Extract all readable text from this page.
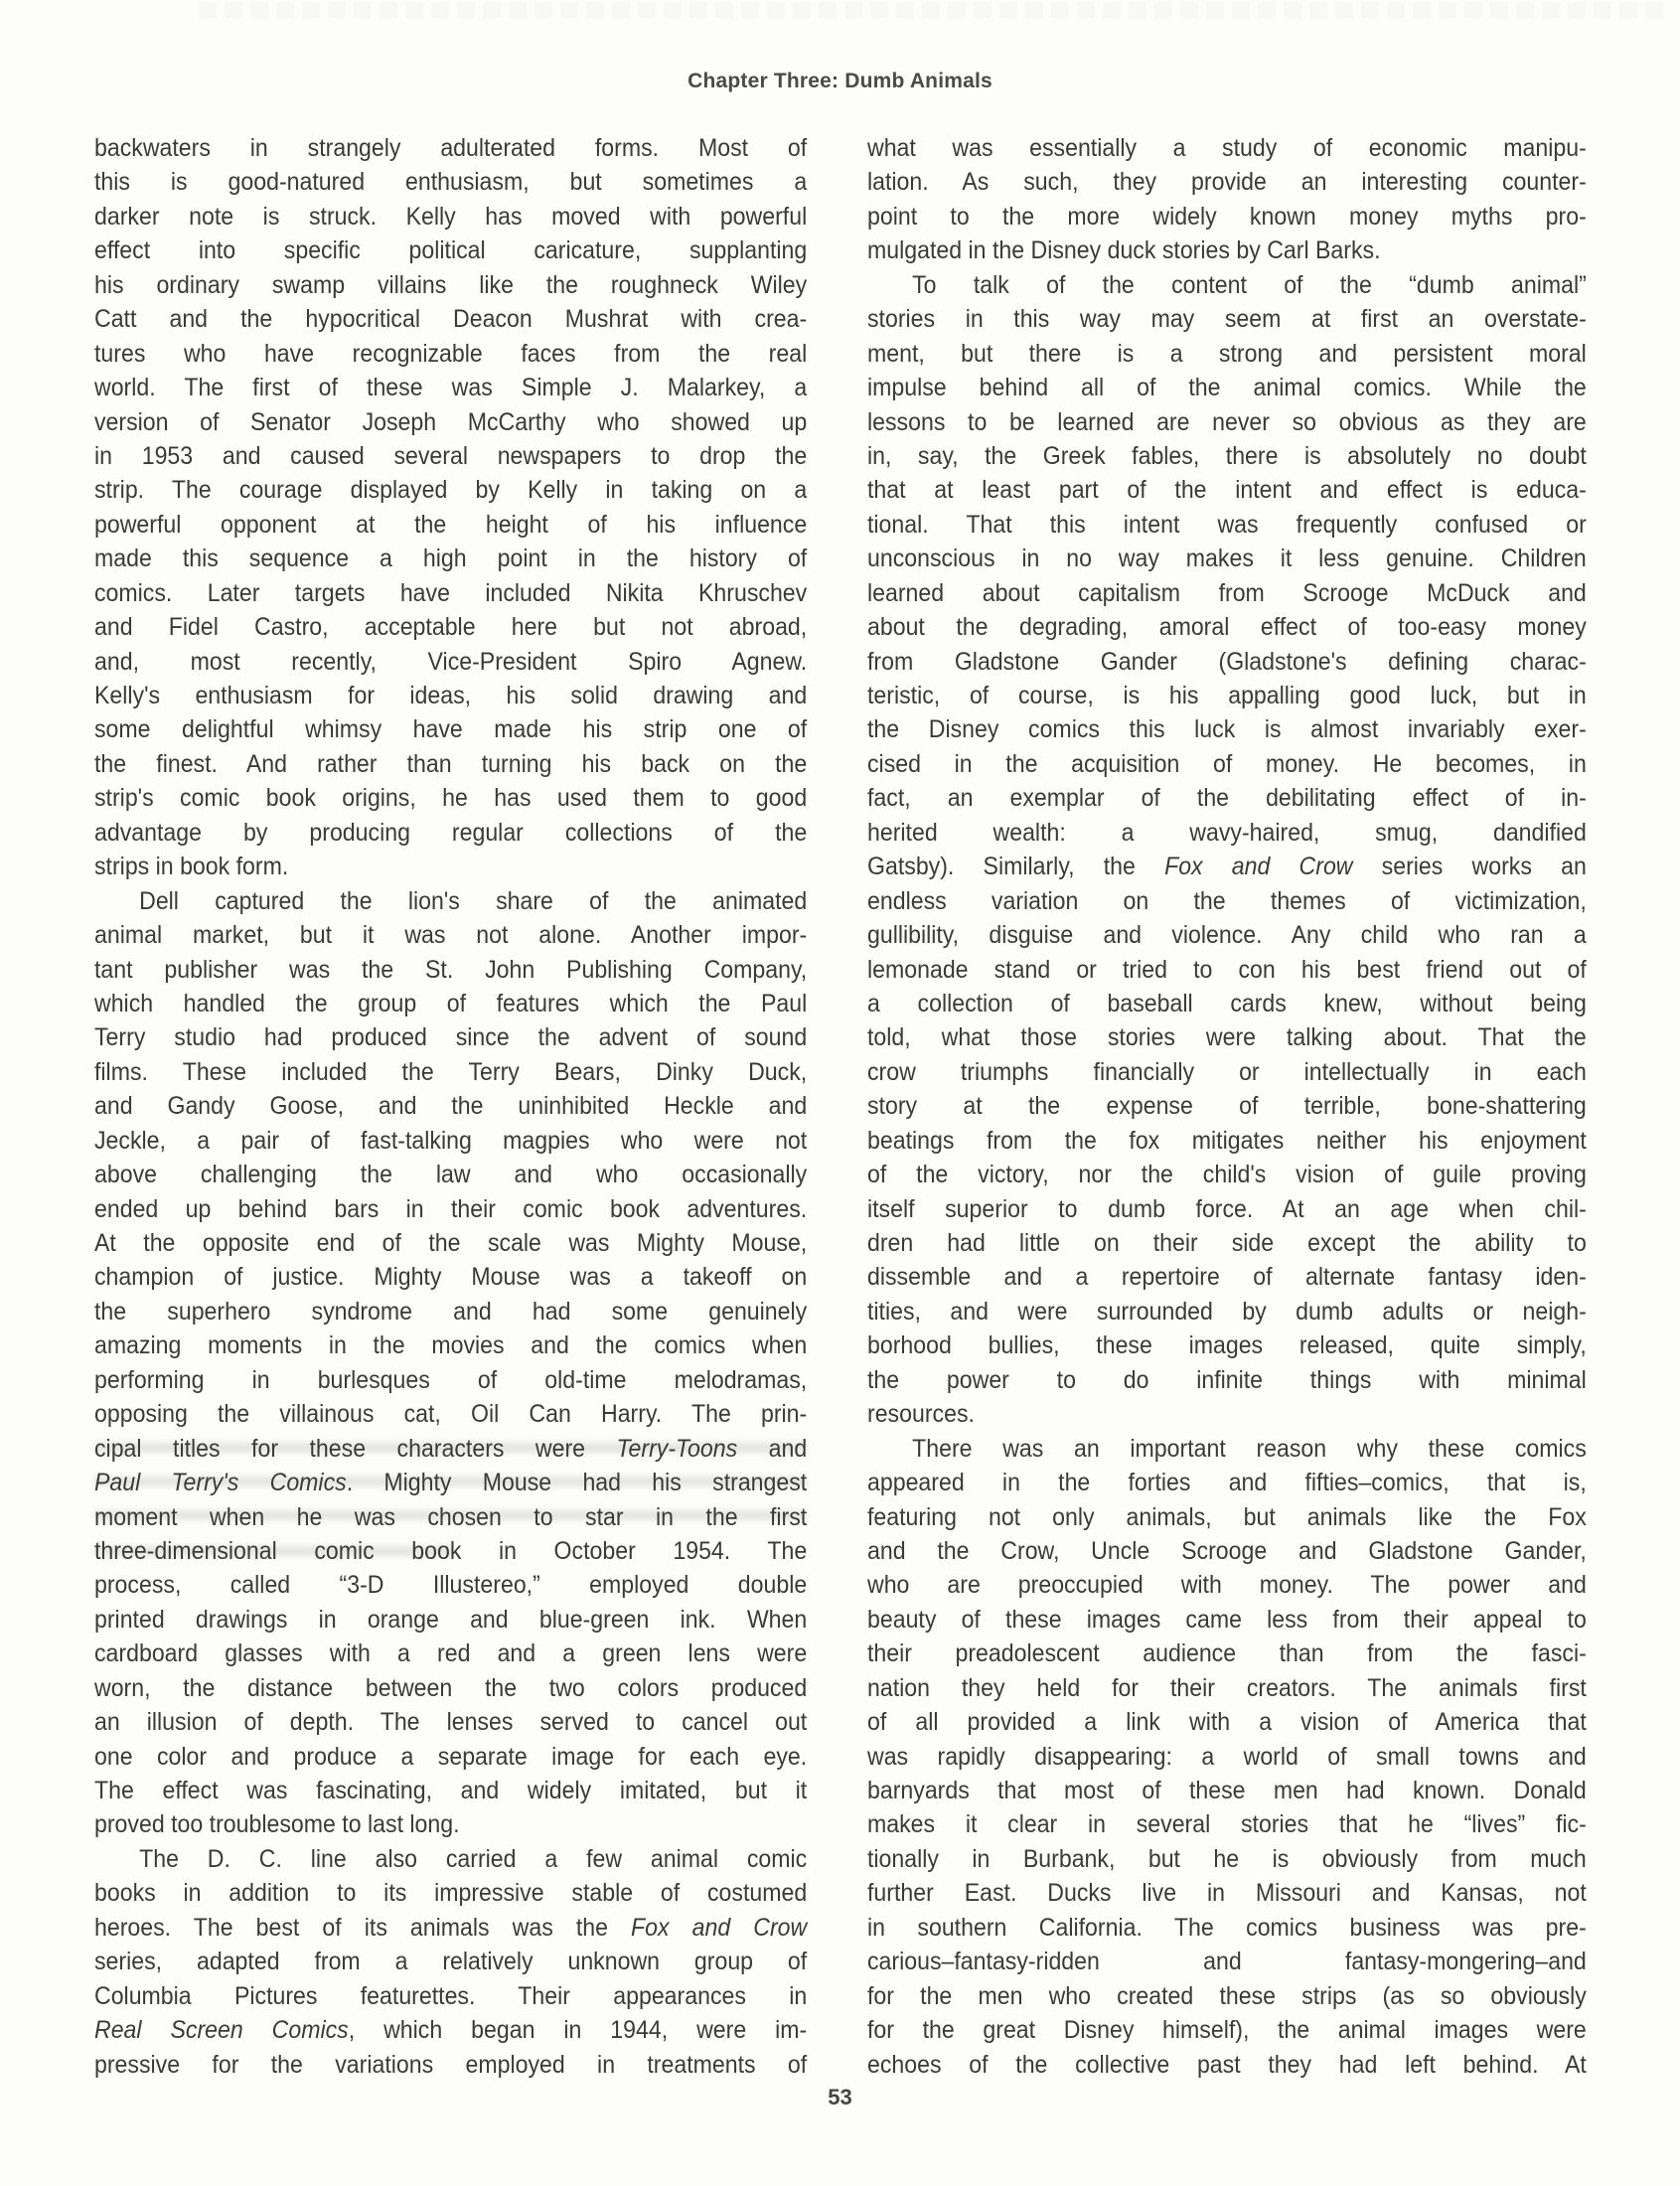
Chapter Three: Dumb Animals
backwaters in strangely adulterated forms. Most of
this is good-natured enthusiasm, but sometimes a
darker note is struck. Kelly has moved with powerful
effect into specific political caricature, supplanting
his ordinary swamp villains like the roughneck Wiley
Catt and the hypocritical Deacon Mushrat with crea-
tures who have recognizable faces from the real
world. The first of these was Simple J. Malarkey, a
version of Senator Joseph McCarthy who showed up
in 1953 and caused several newspapers to drop the
strip. The courage displayed by Kelly in taking on a
powerful opponent at the height of his influence
made this sequence a high point in the history of
comics. Later targets have included Nikita Khruschev
and Fidel Castro, acceptable here but not abroad,
and, most recently, Vice-President Spiro Agnew.
Kelly's enthusiasm for ideas, his solid drawing and
some delightful whimsy have made his strip one of
the finest. And rather than turning his back on the
strip's comic book origins, he has used them to good
advantage by producing regular collections of the
strips in book form.
Dell captured the lion's share of the animated
animal market, but it was not alone. Another impor-
tant publisher was the St. John Publishing Company,
which handled the group of features which the Paul
Terry studio had produced since the advent of sound
films. These included the Terry Bears, Dinky Duck,
and Gandy Goose, and the uninhibited Heckle and
Jeckle, a pair of fast-talking magpies who were not
above challenging the law and who occasionally
ended up behind bars in their comic book adventures.
At the opposite end of the scale was Mighty Mouse,
champion of justice. Mighty Mouse was a takeoff on
the superhero syndrome and had some genuinely
amazing moments in the movies and the comics when
performing in burlesques of old-time melodramas,
opposing the villainous cat, Oil Can Harry. The prin-
cipal titles for these characters were Terry-Toons and
Paul Terry's Comics. Mighty Mouse had his strangest
moment when he was chosen to star in the first
three-dimensional comic book in October 1954. The
process, called “3-D Illustereo,” employed double
printed drawings in orange and blue-green ink. When
cardboard glasses with a red and a green lens were
worn, the distance between the two colors produced
an illusion of depth. The lenses served to cancel out
one color and produce a separate image for each eye.
The effect was fascinating, and widely imitated, but it
proved too troublesome to last long.
The D. C. line also carried a few animal comic
books in addition to its impressive stable of costumed
heroes. The best of its animals was the Fox and Crow
series, adapted from a relatively unknown group of
Columbia Pictures featurettes. Their appearances in
Real Screen Comics, which began in 1944, were im-
pressive for the variations employed in treatments of
what was essentially a study of economic manipu-
lation. As such, they provide an interesting counter-
point to the more widely known money myths pro-
mulgated in the Disney duck stories by Carl Barks.
To talk of the content of the “dumb animal”
stories in this way may seem at first an overstate-
ment, but there is a strong and persistent moral
impulse behind all of the animal comics. While the
lessons to be learned are never so obvious as they are
in, say, the Greek fables, there is absolutely no doubt
that at least part of the intent and effect is educa-
tional. That this intent was frequently confused or
unconscious in no way makes it less genuine. Children
learned about capitalism from Scrooge McDuck and
about the degrading, amoral effect of too-easy money
from Gladstone Gander (Gladstone's defining charac-
teristic, of course, is his appalling good luck, but in
the Disney comics this luck is almost invariably exer-
cised in the acquisition of money. He becomes, in
fact, an exemplar of the debilitating effect of in-
herited wealth: a wavy-haired, smug, dandified
Gatsby). Similarly, the Fox and Crow series works an
endless variation on the themes of victimization,
gullibility, disguise and violence. Any child who ran a
lemonade stand or tried to con his best friend out of
a collection of baseball cards knew, without being
told, what those stories were talking about. That the
crow triumphs financially or intellectually in each
story at the expense of terrible, bone-shattering
beatings from the fox mitigates neither his enjoyment
of the victory, nor the child's vision of guile proving
itself superior to dumb force. At an age when chil-
dren had little on their side except the ability to
dissemble and a repertoire of alternate fantasy iden-
tities, and were surrounded by dumb adults or neigh-
borhood bullies, these images released, quite simply,
the power to do infinite things with minimal
resources.
There was an important reason why these comics
appeared in the forties and fifties–comics, that is,
featuring not only animals, but animals like the Fox
and the Crow, Uncle Scrooge and Gladstone Gander,
who are preoccupied with money. The power and
beauty of these images came less from their appeal to
their preadolescent audience than from the fasci-
nation they held for their creators. The animals first
of all provided a link with a vision of America that
was rapidly disappearing: a world of small towns and
barnyards that most of these men had known. Donald
makes it clear in several stories that he “lives” fic-
tionally in Burbank, but he is obviously from much
further East. Ducks live in Missouri and Kansas, not
in southern California. The comics business was pre-
carious–fantasy-ridden and fantasy-mongering–and
for the men who created these strips (as so obviously
for the great Disney himself), the animal images were
echoes of the collective past they had left behind. At
53
